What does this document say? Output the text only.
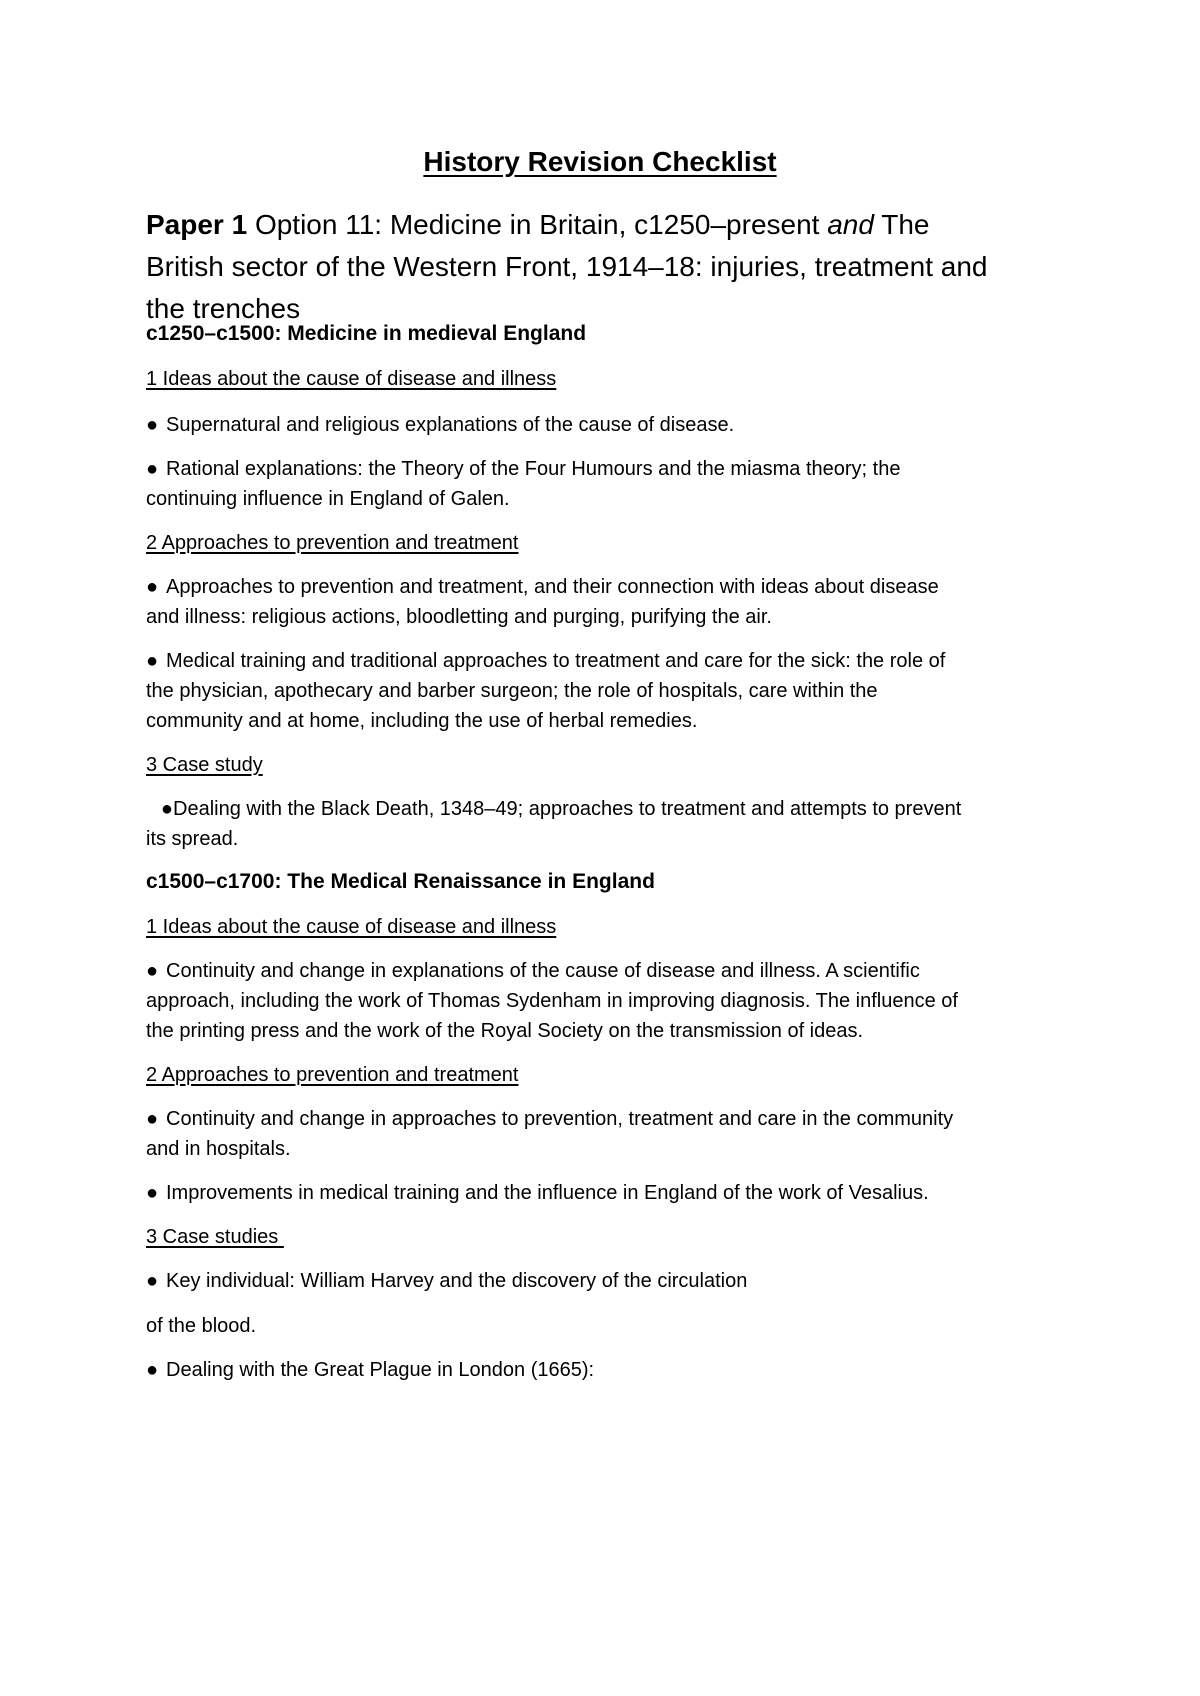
History Revision Checklist

Paper 1 Option 11: Medicine in Britain, c1250–present and The
British sector of the Western Front, 1914–18: injuries, treatment and
the trenches

c1250–c1500: Medicine in medieval England

1 Ideas about the cause of disease and illness

● Supernatural and religious explanations of the cause of disease.

● Rational explanations: the Theory of the Four Humours and the miasma theory; the

continuing influence in England of Galen.

2 Approaches to prevention and treatment

● Approaches to prevention and treatment, and their connection with ideas about disease

and illness: religious actions, bloodletting and purging, purifying the air.

● Medical training and traditional approaches to treatment and care for the sick: the role of

the physician, apothecary and barber surgeon; the role of hospitals, care within the

community and at home, including the use of herbal remedies.

3 Case study

●Dealing with the Black Death, 1348–49; approaches to treatment and attempts to prevent

its spread.

c1500–c1700: The Medical Renaissance in England

1 Ideas about the cause of disease and illness

● Continuity and change in explanations of the cause of disease and illness. A scientific

approach, including the work of Thomas Sydenham in improving diagnosis. The influence of

the printing press and the work of the Royal Society on the transmission of ideas.

2 Approaches to prevention and treatment

● Continuity and change in approaches to prevention, treatment and care in the community

and in hospitals.

● Improvements in medical training and the influence in England of the work of Vesalius.

3 Case studies

● Key individual: William Harvey and the discovery of the circulation

of the blood.

● Dealing with the Great Plague in London (1665):
